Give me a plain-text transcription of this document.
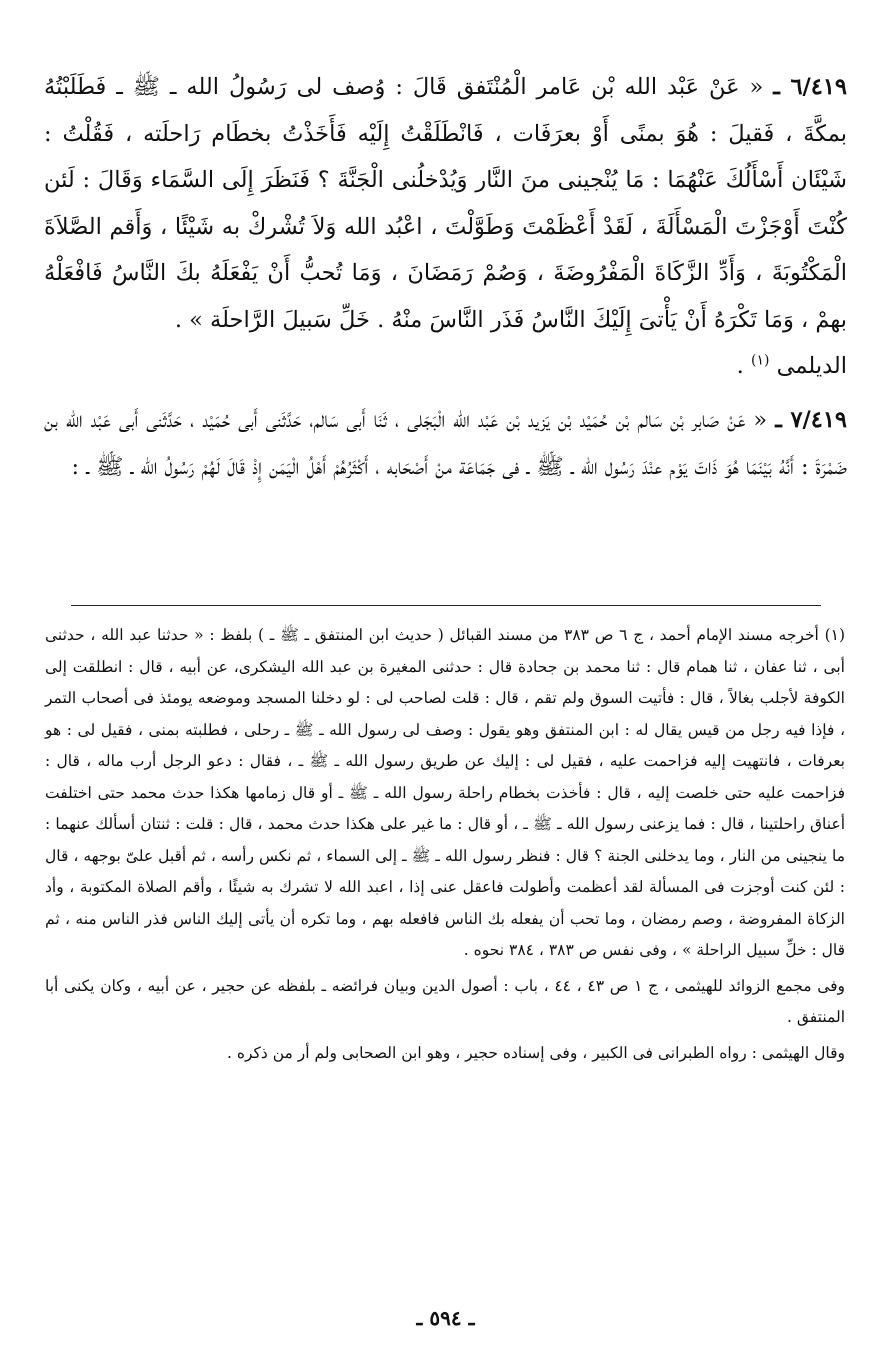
٦/٤١٩ ـ « عَنْ عَبْد الله بْن عَامر الْمُنْتَفق قَالَ : وُصف لى رَسُولُ الله ـ ﷺ ـ فَطَلَبْتُهُ بمكَّةَ ، فَقيلَ : هُوَ بمنًى أَوْ بعرَفَات ، فَانْطَلَقْتُ إِلَيْه فَأَخَذْتُ بخطَام رَاحلَته ، فَقُلْتُ : شَيْئَان أَسْأَلُكَ عَنْهُمَا : مَا يُنْجينى منَ النَّار وَيُدْخلُنى الْجَنَّةَ ؟ فَنَظَرَ إِلَى السَّمَاء وَقَالَ : لَئن كُنْتَ أَوْجَزْتَ الْمَسْأَلَةَ ، لَقَدْ أَعْظَمْتَ وَطَوَّلْتَ ، اعْبُد الله وَلاَ تُشْركْ به شَيْئًا ، وَأَقم الصَّلاَةَ الْمَكْتُوبَةَ ، وَأَدِّ الزَّكَاةَ الْمَفْرُوضَةَ ، وَصُمْ رَمَضَانَ ، وَمَا تُحبُّ أَنْ يَفْعَلَهُ بكَ النَّاسُ فَافْعَلْهُ بهمْ ، وَمَا تَكْرَهُ أَنْ يَأْتىَ إِلَيْكَ النَّاسُ فَذَر النَّاسَ منْهُ . خَلِّ سَبيلَ الرَّاحلَة » .

الديلمى $^{(١)}$ .

٧/٤١٩ ـ « عَنْ صَابر بْن سَالم بْن حُمَيْد بْن يَزيد بْن عَبْد الله الْبَجَلى ، ثَنَا أَبى سَالم، حَدَّثَنى أَبى حُمَيْد ، حَدَّثَنى أَبى عَبْد الله بن ضَمْرَةَ : أَنَّهُ بَيْنَمَا هُوَ ذَاتَ يَوْم عنْدَ رَسُول الله ـ ﷺ ـ فى جَمَاعَة منْ أَصْحَابه ، أَكْثَرُهُمْ أَهْلُ الْيَمَن إِذْ قَالَ لَهُمْ رَسُولُ الله ـ ﷺ ـ :

(١) أخرجه مسند الإمام أحمد ، ج ٦ ص ٣٨٣ من مسند القبائل ( حديث ابن المنتفق ـ ﷺ ـ ) بلفظ : « حدثنا عبد الله ، حدثنى أبى ، ثنا عفان ، ثنا همام قال : ثنا محمد بن جحادة قال : حدثنى المغيرة بن عبد الله اليشكرى، عن أبيه ، قال : انطلقت إلى الكوفة لأجلب بغالاً ، قال : فأتيت السوق ولم تقم ، قال : قلت لصاحب لى : لو دخلنا المسجد وموضعه يومئذ فى أصحاب التمر ، فإذا فيه رجل من قيس يقال له : ابن المنتفق وهو يقول : وصف لى رسول الله ـ ﷺ ـ رحلى ، فطلبته بمنى ، فقيل لى : هو بعرفات ، فانتهيت إليه فزاحمت عليه ، فقيل لى : إليك عن طريق رسول الله ـ ﷺ ـ ، فقال : دعو الرجل أرب ماله ، قال : فزاحمت عليه حتى خلصت إليه ، قال : فأخذت بخطام راحلة رسول الله ـ ﷺ ـ أو قال زمامها هكذا حدث محمد حتى اختلفت أعناق راحلتينا ، قال : فما يزعنى رسول الله ـ ﷺ ـ ، أو قال : ما غير على هكذا حدث محمد ، قال : قلت : ثنتان أسألك عنهما : ما ينجينى من النار ، وما يدخلنى الجنة ؟ قال : فنظر رسول الله ـ ﷺ ـ إلى السماء ، ثم نكس رأسه ، ثم أقبل علىّ بوجهه ، قال : لئن كنت أوجزت فى المسألة لقد أعظمت وأطولت فاعقل عنى إذا ، اعبد الله لا تشرك به شيئًا ، وأقم الصلاة المكتوبة ، وأد الزكاة المفروضة ، وصم رمضان ، وما تحب أن يفعله بك الناس فافعله بهم ، وما تكره أن يأتى إليك الناس فذر الناس منه ، ثم قال : خلِّ سبيل الراحلة » ، وفى نفس ص ٣٨٣ ، ٣٨٤ نحوه .

وفى مجمع الزوائد للهيثمى ، ج ١ ص ٤٣ ، ٤٤ ، باب : أصول الدين وبيان فرائضه ـ بلفظه عن حجير ، عن أبيه ، وكان يكنى أبا المنتفق .

وقال الهيثمى : رواه الطبرانى فى الكبير ، وفى إسناده حجير ، وهو ابن الصحابى ولم أر من ذكره .

ـ ٥٩٤ ـ
